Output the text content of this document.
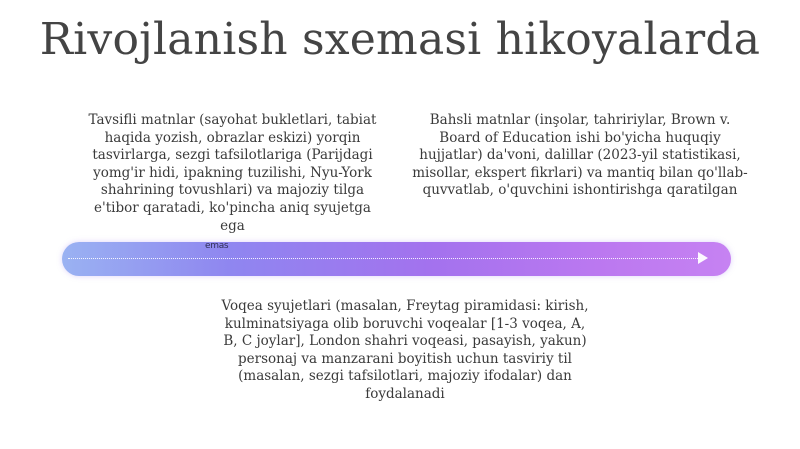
Rivojlanish sxemasi hikoyalarda
Tavsifli matnlar (sayohat bukletlari, tabiat haqida yozish, obrazlar eskizi) yorqin tasvirlarga, sezgi tafsilotlariga (Parijdagi yomg'ir hidi, ipakning tuzilishi, Nyu-York shahrining tovushlari) va majoziy tilga e'tibor qaratadi, ko'pincha aniq syujetga ega
Bahsli matnlar (inşolar, tahririylar, Brown v. Board of Education ishi bo'yicha huquqiy hujjatlar) da'voni, dalillar (2023-yil statistikasi, misollar, ekspert fikrlari) va mantiq bilan qo'llab-quvvatlab, o'quvchini ishontirishga qaratilgan
emas
Voqea syujetlari (masalan, Freytag piramidasi: kirish, kulminatsiyaga olib boruvchi voqealar [1-3 voqea, A, B, C joylar], London shahri voqeasi, pasayish, yakun) personaj va manzarani boyitish uchun tasviriy til (masalan, sezgi tafsilotlari, majoziy ifodalar) dan foydalanadi
